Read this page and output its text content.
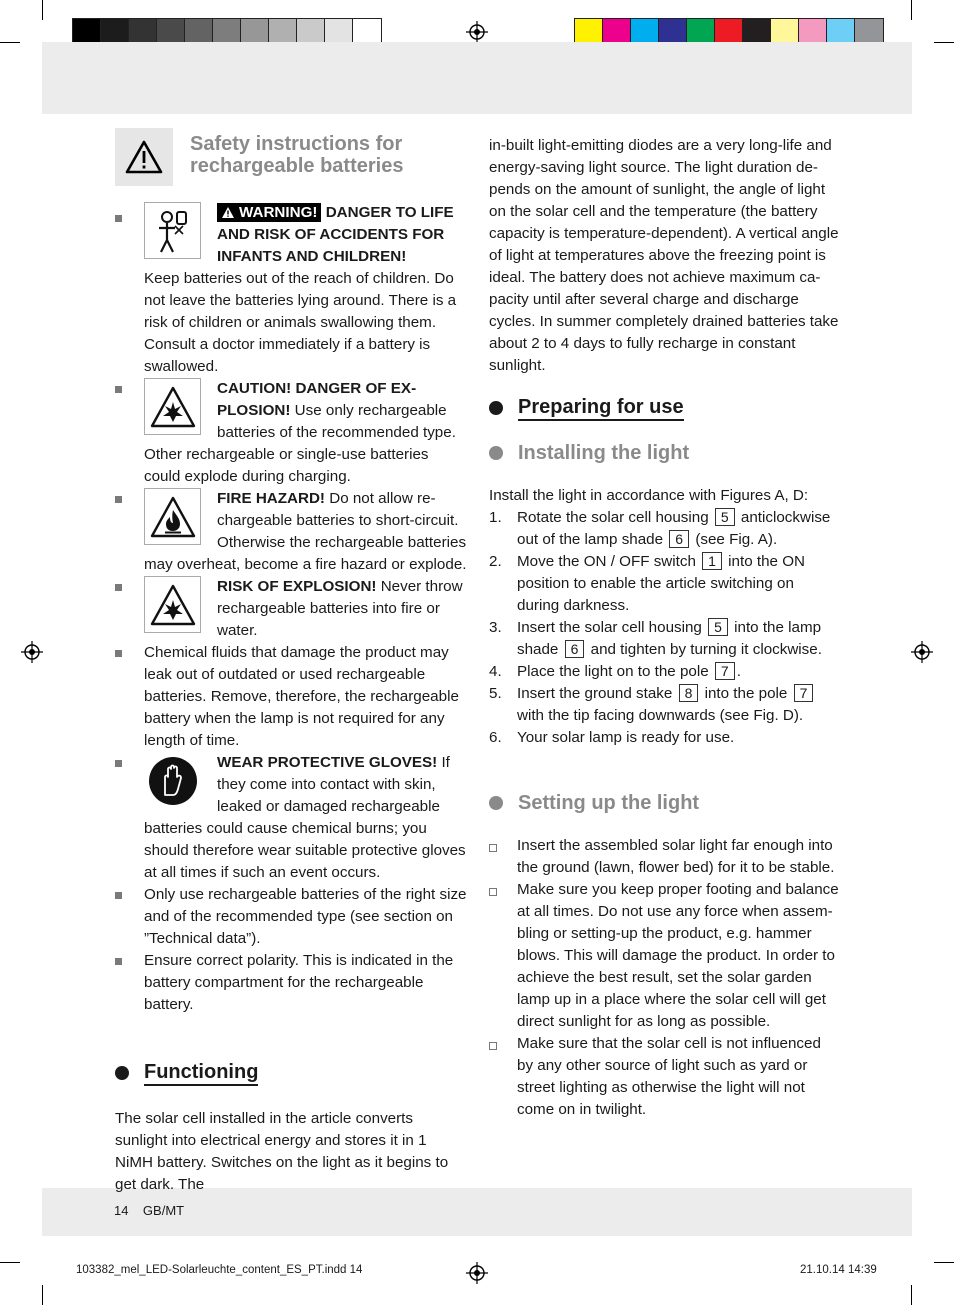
Safety instructions for
rechargeable batteries
WARNING! DANGER TO LIFE AND RISK OF ACCIDENTS FOR INFANTS AND CHILDREN!
Keep batteries out of the reach of children. Do not leave the batteries lying around. There is a risk of children or animals swallowing them. Consult a doctor immediately if a battery is swallowed.
CAUTION! DANGER OF EX-PLOSION! Use only rechargeable batteries of the recommended type. Other rechargeable or single-use batteries could explode during charging.
FIRE HAZARD! Do not allow re-chargeable batteries to short-circuit. Otherwise the rechargeable batteries may overheat, become a fire hazard or explode.
RISK OF EXPLOSION! Never throw rechargeable batteries into fire or water.
Chemical fluids that damage the product may leak out of outdated or used rechargeable batteries. Remove, therefore, the rechargeable battery when the lamp is not required for any length of time.
WEAR PROTECTIVE GLOVES! If they come into contact with skin, leaked or damaged rechargeable batteries could cause chemical burns; you should therefore wear suitable protective gloves at all times if such an event occurs.
Only use rechargeable batteries of the right size and of the recommended type (see section on ”Technical data”).
Ensure correct polarity. This is indicated in the battery compartment for the rechargeable battery.
Functioning
The solar cell installed in the article converts sunlight into electrical energy and stores it in 1 NiMH battery. Switches on the light as it begins to get dark. The
in-built light-emitting diodes are a very long-life and energy-saving light source. The light duration de-pends on the amount of sunlight, the angle of light on the solar cell and the temperature (the battery capacity is temperature-dependent). A vertical angle of light at temperatures above the freezing point is ideal. The battery does not achieve maximum ca-pacity until after several charge and discharge cycles. In summer completely drained batteries take about 2 to 4 days to fully recharge in constant sunlight.
Preparing for use
Installing the light
Install the light in accordance with Figures A, D:
1.	Rotate the solar cell housing 5 anticlockwise out of the lamp shade 6 (see Fig. A).
2.	Move the ON / OFF switch 1 into the ON position to enable the article switching on during darkness.
3.	Insert the solar cell housing 5 into the lamp shade 6 and tighten by turning it clockwise.
4.	Place the light on to the pole 7 .
5.	Insert the ground stake 8 into the pole 7 with the tip facing downwards (see Fig. D).
6.	Your solar lamp is ready for use.
Setting up the light
Insert the assembled solar light far enough into the ground (lawn, flower bed) for it to be stable.
Make sure you keep proper footing and balance at all times. Do not use any force when assem-bling or setting-up the product, e.g. hammer blows. This will damage the product. In order to achieve the best result, set the solar garden lamp up in a place where the solar cell will get direct sunlight for as long as possible.
Make sure that the solar cell is not influenced by any other source of light such as yard or street lighting as otherwise the light will not come on in twilight.
14 GB/MT
103382_mel_LED-Solarleuchte_content_ES_PT.indd 14	21.10.14 14:39
